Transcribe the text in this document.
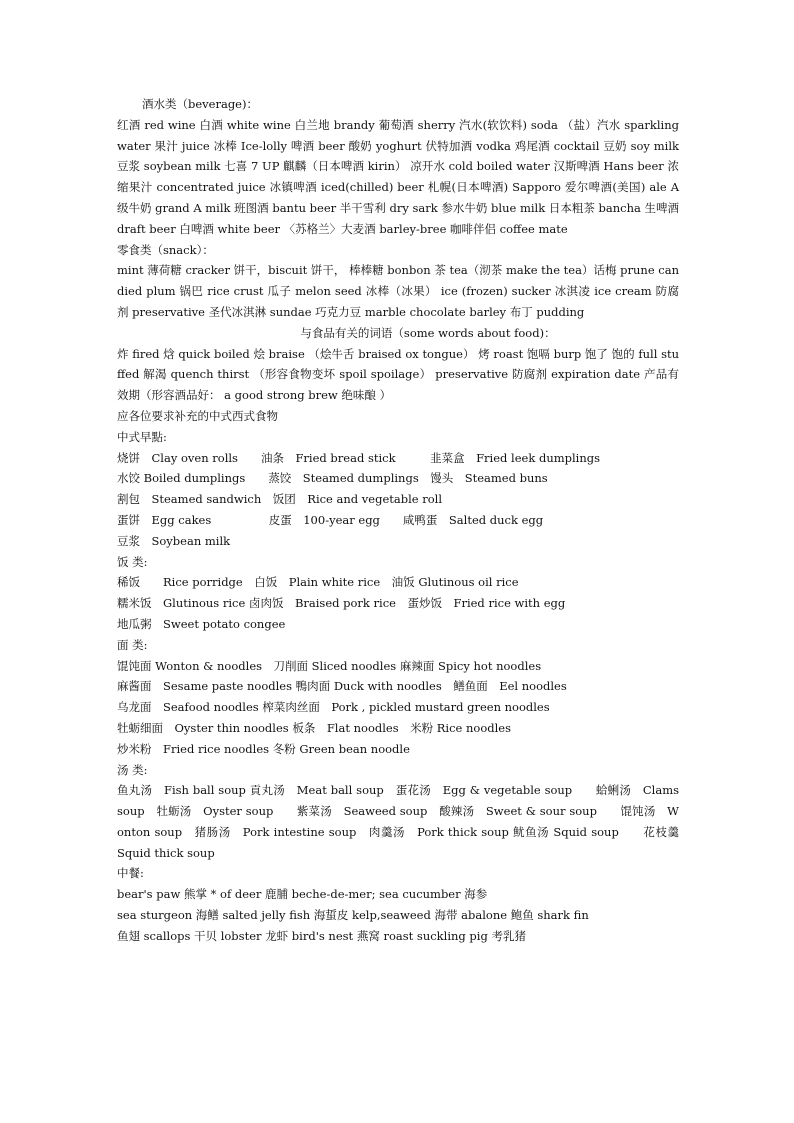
酒水类（beverage)：

红酒 red wine 白酒 white wine 白兰地 brandy 葡萄酒 sherry 汽水(软饮料) soda （盐）汽水 sparkling water 果汁 juice 冰棒 Ice-lolly 啤酒 beer 酸奶 yoghurt 伏特加酒 vodka 鸡尾酒 cocktail 豆奶 soy milk 豆浆 soybean milk 七喜 7 UP 麒麟（日本啤酒 kirin） 凉开水 cold boiled water 汉斯啤酒 Hans beer 浓缩果汁 concentrated juice 冰镇啤酒 iced(chilled) beer 札幌(日本啤酒) Sapporo 爱尔啤酒(美国) ale A级牛奶 grand A milk 班图酒 bantu beer 半干雪利 dry sark 参水牛奶 blue milk 日本粗茶 bancha 生啤酒 draft beer 白啤酒 white beer 〈苏格兰〉大麦酒 barley-bree 咖啡伴侣 coffee mate

零食类（snack）：

mint 薄荷糖 cracker 饼干，biscuit 饼干， 棒棒糖 bonbon 茶 tea（沏茶 make the tea）话梅 prune candied plum 锅巴 rice crust 瓜子 melon seed 冰棒（冰果） ice (frozen) sucker 冰淇凌 ice cream 防腐剂 preservative 圣代冰淇淋 sundae 巧克力豆 marble chocolate barley 布丁 pudding

与食品有关的词语（some words about food)：

炸 fired 焓 quick boiled 烩 braise （烩牛舌 braised ox tongue） 烤 roast 饱嗝 burp 饱了 饱的 full stuffed 解渴 quench thirst （形容食物变坏 spoil spoilage） preservative 防腐剂 expiration date 产品有效期（形容酒品好： a good strong brew 绝味酿 ）

应各位要求补充的中式西式食物

中式早點:

烧饼　Clay oven rolls　　油条　Fried bread stick　　　韭菜盒　Fried leek dumplings
水饺 Boiled dumplings　　蒸饺　Steamed dumplings　馒头　Steamed buns
割包　Steamed sandwich　饭团　Rice and vegetable roll
蛋饼　Egg cakes　　　　　皮蛋　100-year egg　　咸鸭蛋　Salted duck egg
豆浆　Soybean milk

饭 类:

稀饭　　Rice porridge　白饭　Plain white rice　油饭 Glutinous oil rice
糯米饭　Glutinous rice 卤肉饭　Braised pork rice　蛋炒饭　Fried rice with egg
地瓜粥　Sweet potato congee

面 类:

馄饨面 Wonton & noodles　刀削面 Sliced noodles 麻辣面 Spicy hot noodles
麻酱面　Sesame paste noodles 鴨肉面 Duck with noodles　鳝鱼面　Eel noodles
乌龙面　Seafood noodles 榨菜肉丝面　Pork , pickled mustard green noodles
牡蛎细面　Oyster thin noodles 板条　Flat noodles　米粉 Rice noodles
炒米粉　Fried rice noodles 冬粉 Green bean noodle

汤 类:

鱼丸汤　Fish ball soup 貢丸汤　Meat ball soup　蛋花汤　Egg & vegetable soup　　蛤蜊汤　Clams soup　牡蛎汤　Oyster soup　　紫菜汤　Seaweed soup　酸辣汤　Sweet & sour soup　　馄饨汤　Wonton soup　猪肠汤　Pork intestine soup　肉羹汤　Pork thick soup 鱿鱼汤 Squid soup　　花枝羹　Squid thick soup

中餐:

bear's paw 熊掌 * of deer 鹿脯 beche-de-mer; sea cucumber 海参
sea sturgeon 海鳝 salted jelly fish 海蜇皮 kelp,seaweed 海带 abalone 鲍鱼 shark fin
鱼翅 scallops 干贝 lobster 龙虾 bird's nest 燕窝 roast suckling pig 考乳猪
